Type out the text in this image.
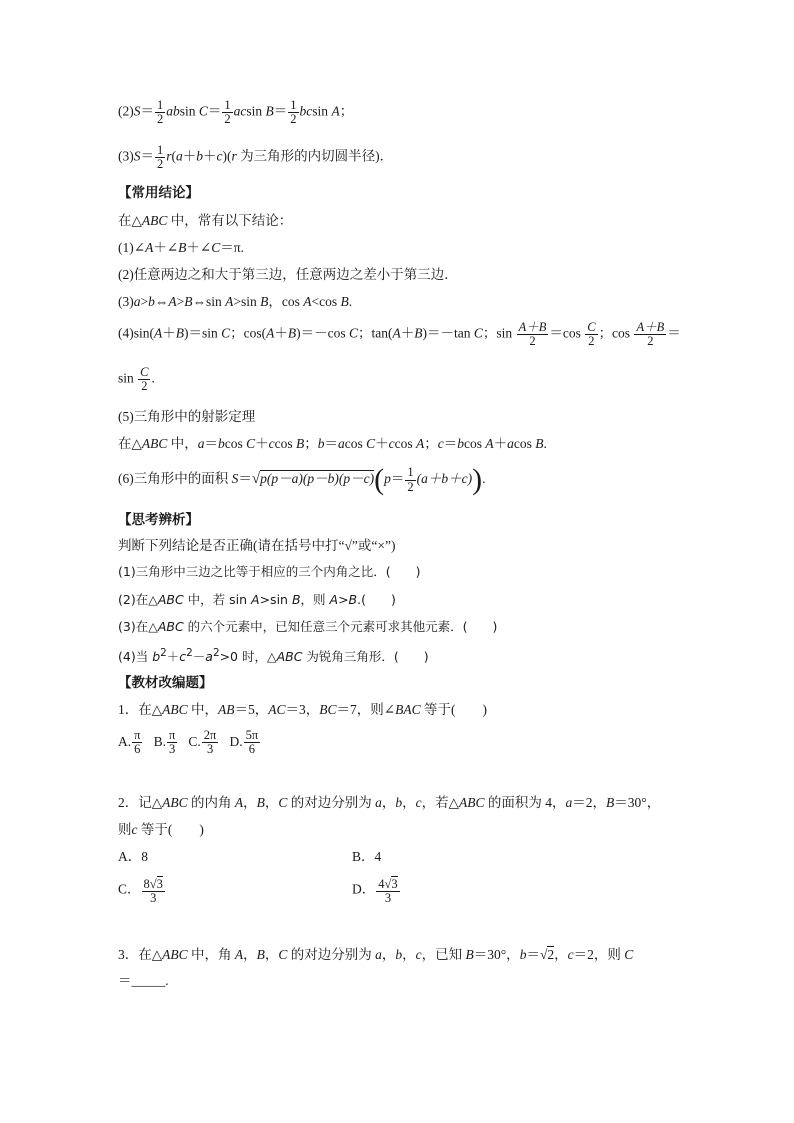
$(2)S= \frac{1}{2}$ absin $C= \frac{1}{2}$ acsin $B= \frac{1}{2}$ bcsin A；
$(3)S= \frac{1}{2} r(a+b+c)(r$ 为三角形的内切圆半径)．
【常用结论】
在△ABC 中，常有以下结论：
(1)∠A＋∠B＋∠C＝π.
(2)任意两边之和大于第三边，任意两边之差小于第三边．
(3)a>b⇔A>B⇔sin A>sin B，cos A<cos B.
(4)sin(A＋B)＝sin C；cos(A＋B)＝－cos C；tan(A＋B)＝－tan C；$\sin \frac{A+B}{2} =\cos \frac{C}{2}$ ；$\cos \frac{A+B}{2}$ ＝
$\sin \frac{C}{2}$ .
(5)三角形中的射影定理
在△ABC 中，a＝bcos C＋ccos B；b＝acos C＋ccos A；c＝bcos A＋acos B.
(6)三角形中的面积 $S=√p(p-a)(p-b)(p-c)(p= \frac{1}{2} (a+b+c))$.
【思考辨析】
判断下列结论是否正确(请在括号中打“√”或“×”)
(1)三角形中三边之比等于相应的三个内角之比．(　　)
(2)在△ABC 中，若 sin A>sin B，则 A>B.(　　)
(3)在△ABC 的六个元素中，已知任意三个元素可求其他元素．(　　)
(4)当 $b^2+c^2-a^2>0$ 时，△ABC 为锐角三角形．(　　)
【教材改编题】
1．在△ABC 中，AB＝5，AC＝3，BC＝7，则∠BAC 等于(　　)
A. $\frac{\pi}{6} B$. $\frac{\pi}{3} C$. $\frac{2\pi}{3} D$. $\frac{5\pi}{6}$
2．记△ABC 的内角 A，B，C 的对边分别为 a，b，c，若△ABC 的面积为 4，a＝2，B＝30°，
则c 等于(　　)
A．8	B．4
C． $\frac{8√3}{3}$	D． $\frac{4√3}{3}$
3．在△ABC 中，角 A，B，C 的对边分别为 a，b，c，已知 B＝30°，b＝√2，c＝2，则 C
＝_____.
